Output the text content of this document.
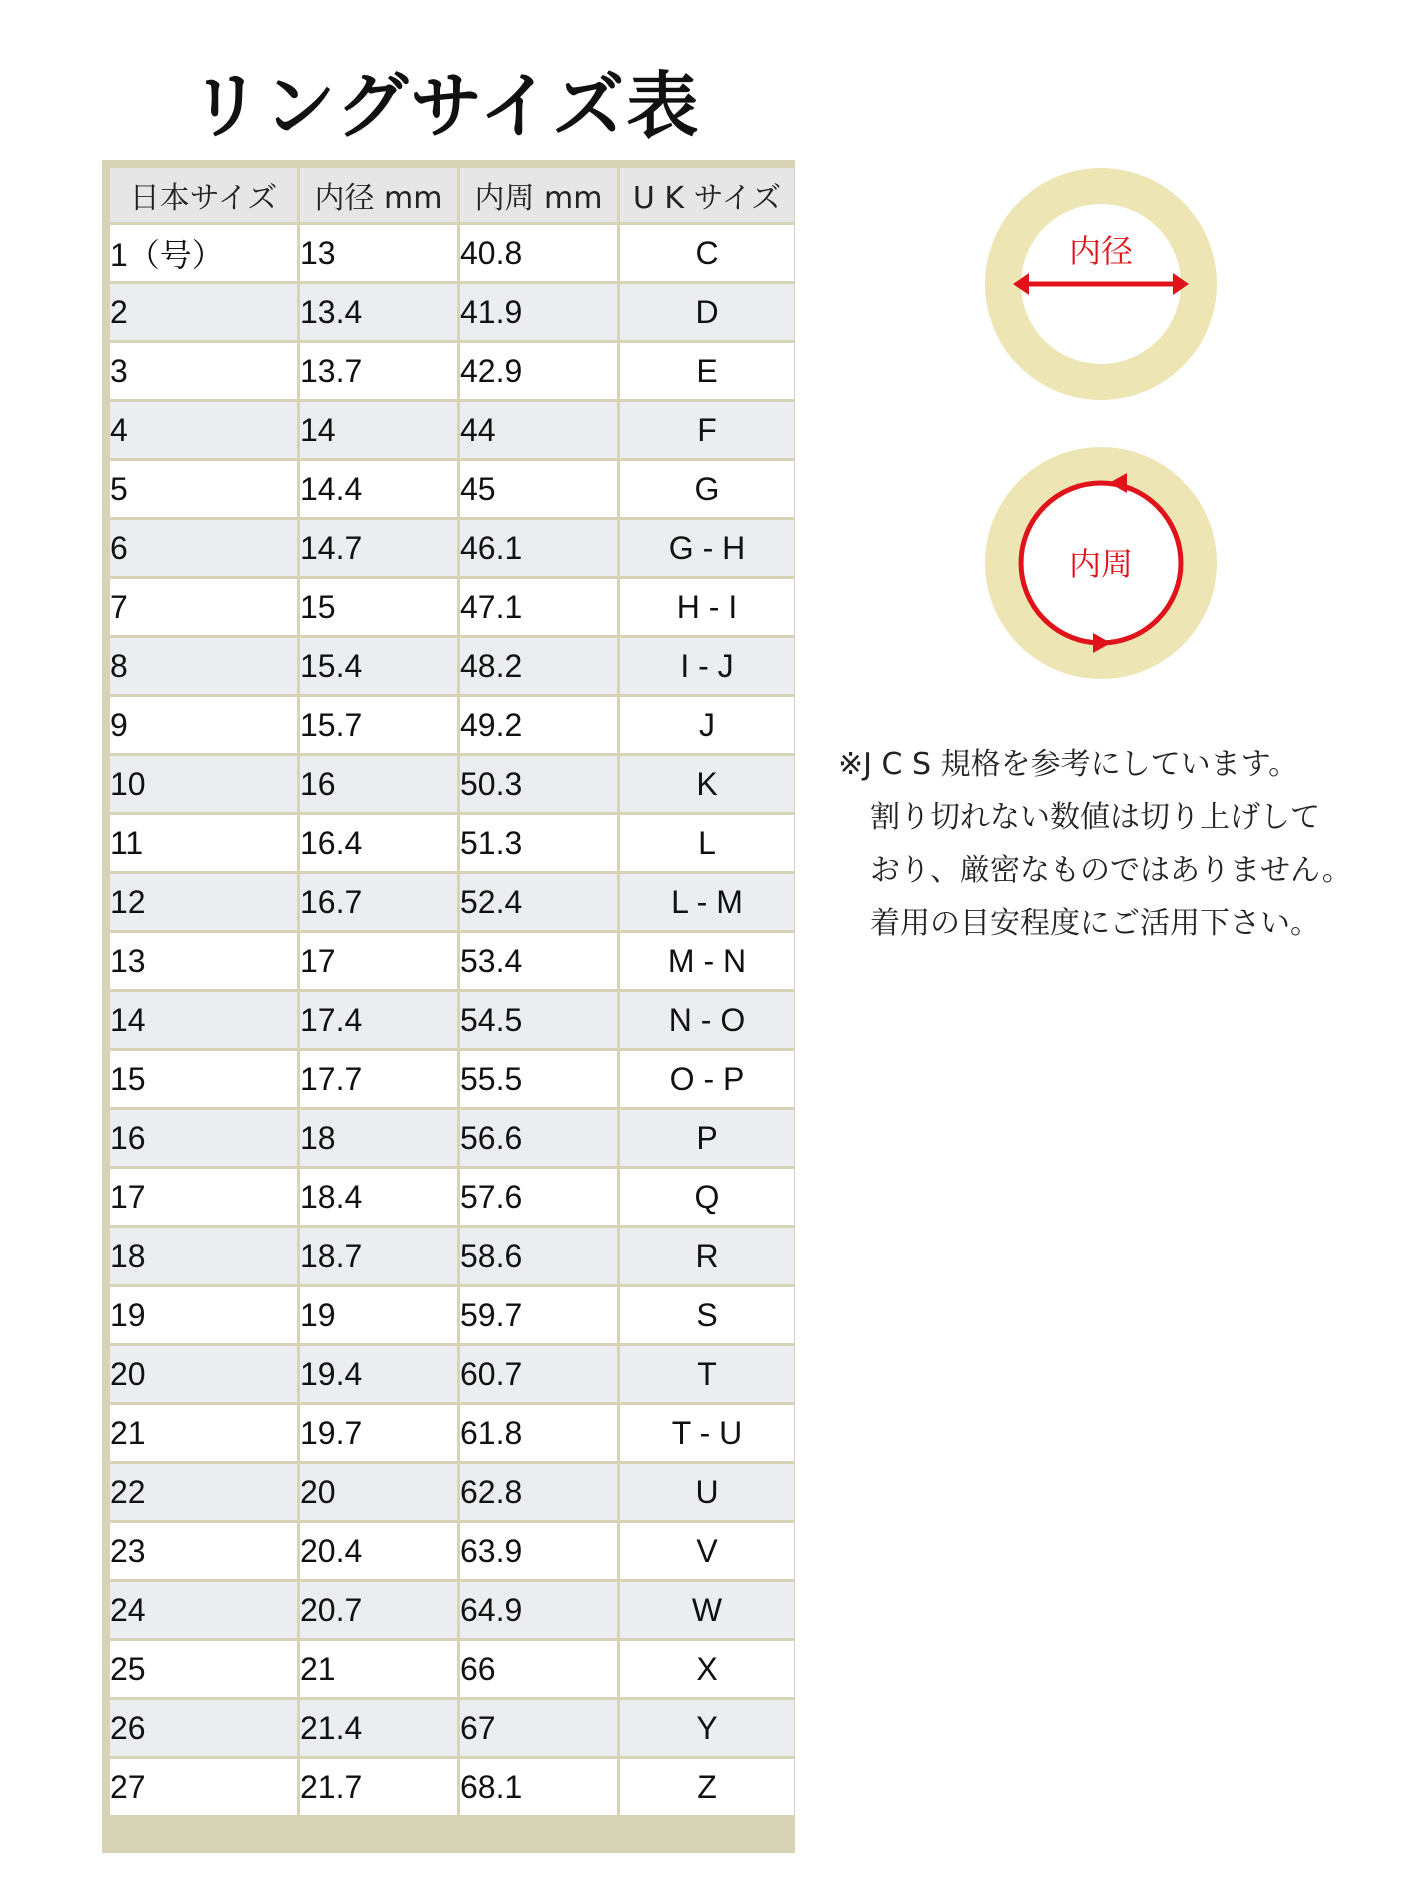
リングサイズ表
日本サイズ	内径 mm	内周 mm	U K サイズ
1（号）	13	40.8	C
2	13.4	41.9	D
3	13.7	42.9	E
4	14	44	F
5	14.4	45	G
6	14.7	46.1	G - H
7	15	47.1	H - I
8	15.4	48.2	I - J
9	15.7	49.2	J
10	16	50.3	K
11	16.4	51.3	L
12	16.7	52.4	L - M
13	17	53.4	M - N
14	17.4	54.5	N - O
15	17.7	55.5	O - P
16	18	56.6	P
17	18.4	57.6	Q
18	18.7	58.6	R
19	19	59.7	S
20	19.4	60.7	T
21	19.7	61.8	T - U
22	20	62.8	U
23	20.4	63.9	V
24	20.7	64.9	W
25	21	66	X
26	21.4	67	Y
27	21.7	68.1	Z
内径
内周
※J C S 規格を参考にしています。
割り切れない数値は切り上げして
おり、厳密なものではありません。
着用の目安程度にご活用下さい。
